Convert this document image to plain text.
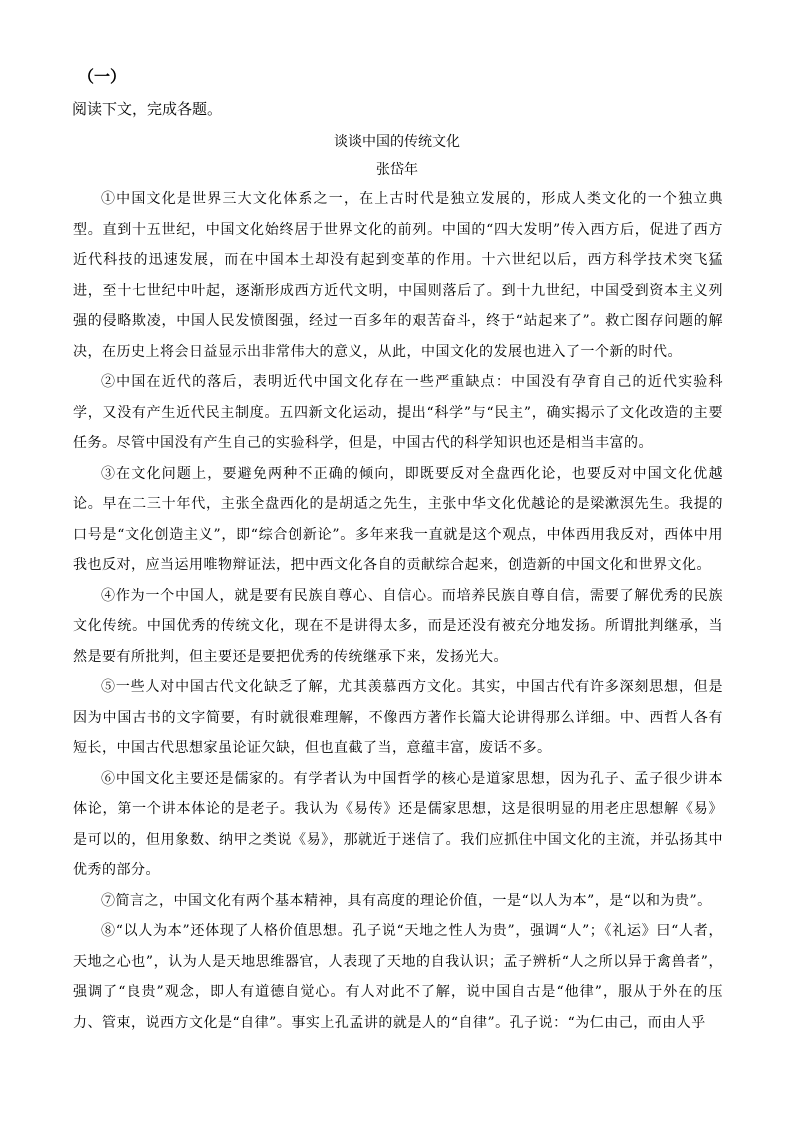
（一）
阅读下文，完成各题。
谈谈中国的传统文化
张岱年

①中国文化是世界三大文化体系之一，在上古时代是独立发展的，形成人类文化的一个独立典型。直到十五世纪，中国文化始终居于世界文化的前列。中国的“四大发明”传入西方后，促进了西方近代科技的迅速发展，而在中国本土却没有起到变革的作用。十六世纪以后，西方科学技术突飞猛进，至十七世纪中叶起，逐渐形成西方近代文明，中国则落后了。到十九世纪，中国受到资本主义列强的侵略欺凌，中国人民发愤图强，经过一百多年的艰苦奋斗，终于“站起来了”。救亡图存问题的解决，在历史上将会日益显示出非常伟大的意义，从此，中国文化的发展也进入了一个新的时代。

②中国在近代的落后，表明近代中国文化存在一些严重缺点：中国没有孕育自己的近代实验科学，又没有产生近代民主制度。五四新文化运动，提出“科学”与“民主”，确实揭示了文化改造的主要任务。尽管中国没有产生自己的实验科学，但是，中国古代的科学知识也还是相当丰富的。

③在文化问题上，要避免两种不正确的倾向，即既要反对全盘西化论，也要反对中国文化优越论。早在二三十年代，主张全盘西化的是胡适之先生，主张中华文化优越论的是梁漱溟先生。我提的口号是“文化创造主义”，即“综合创新论”。多年来我一直就是这个观点，中体西用我反对，西体中用我也反对，应当运用唯物辩证法，把中西文化各自的贡献综合起来，创造新的中国文化和世界文化。

④作为一个中国人，就是要有民族自尊心、自信心。而培养民族自尊自信，需要了解优秀的民族文化传统。中国优秀的传统文化，现在不是讲得太多，而是还没有被充分地发扬。所谓批判继承，当然是要有所批判，但主要还是要把优秀的传统继承下来，发扬光大。

⑤一些人对中国古代文化缺乏了解，尤其羡慕西方文化。其实，中国古代有许多深刻思想，但是因为中国古书的文字简要，有时就很难理解，不像西方著作长篇大论讲得那么详细。中、西哲人各有短长，中国古代思想家虽论证欠缺，但也直截了当，意蕴丰富，废话不多。

⑥中国文化主要还是儒家的。有学者认为中国哲学的核心是道家思想，因为孔子、孟子很少讲本体论，第一个讲本体论的是老子。我认为《易传》还是儒家思想，这是很明显的用老庄思想解《易》是可以的，但用象数、纳甲之类说《易》，那就近于迷信了。我们应抓住中国文化的主流，并弘扬其中优秀的部分。

⑦简言之，中国文化有两个基本精神，具有高度的理论价值，一是“以人为本”，是“以和为贵”。

⑧“以人为本”还体现了人格价值思想。孔子说“天地之性人为贵”，强调“人”；《礼运》曰“人者，天地之心也”，认为人是天地思维器官，人表现了天地的自我认识；孟子辨析“人之所以异于禽兽者”，强调了“良贵”观念，即人有道德自觉心。有人对此不了解，说中国自古是“他律”，服从于外在的压力、管束，说西方文化是“自律”。事实上孔孟讲的就是人的“自律”。孔子说：“为仁由己，而由人乎
